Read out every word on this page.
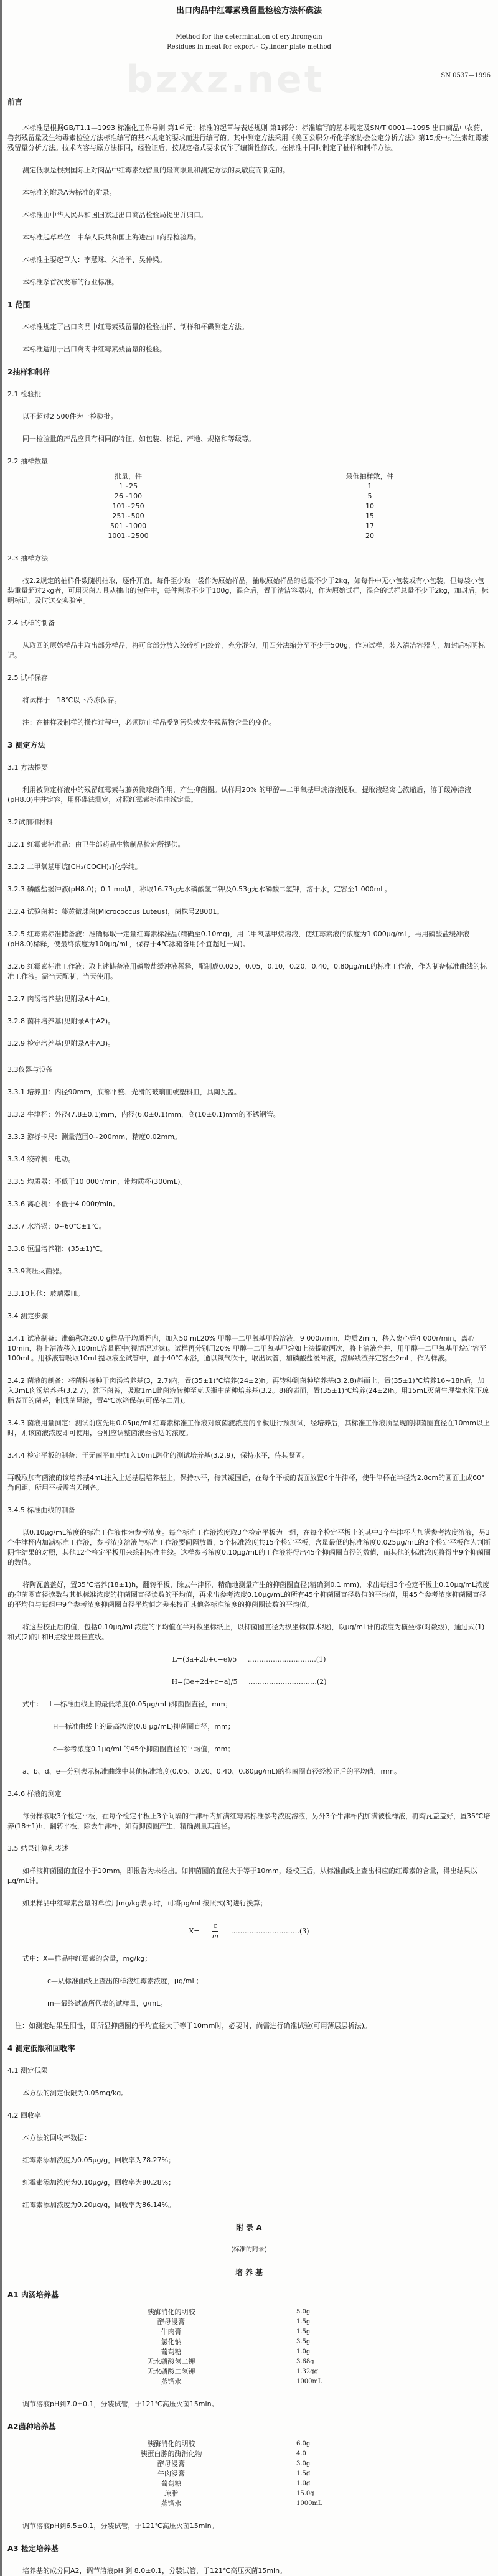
bzxz.net
出口肉品中红霉素残留量检验方法杯碟法
Method for the determination of erythromycin
Residues in meat for export - Cylinder plate method
SN 0537—1996
前言

本标准是根据GB/T1.1—1993 标准化工作导则 第1单元：标准的起草与表述规则 第1部分：标准编写的基本规定及SN/T 0001—1995 出口商品中农药、兽药残留量及生物毒素检验方法标准编写的基本规定的要求而进行编写的。其中测定方法采用《美国公职分析化学家协会公定分析方法》第15版中抗生素红霉素残留量分析方法。技术内容与原方法相同，经验证后，按规定格式要求仅作了编辑性修改。在标准中同时制定了抽样和制样方法。

测定低限是根据国际上对肉品中红霉素残留量的最高限量和测定方法的灵敏度而制定的。

本标准的附录A为标准的附录。

本标准由中华人民共和国国家进出口商品检验局提出并归口。

本标准起草单位：中华人民共和国上海进出口商品检验局。

本标准主要起草人：李慧珠、朱治平、吴仲梁。

本标准系首次发布的行业标准。

1 范围

本标准规定了出口肉品中红霉素残留量的检验抽样、制样和杯碟测定方法。

本标准适用于出口禽肉中红霉素残留量的检验。

2抽样和制样

2.1 检验批

以不超过2 500件为一检验批。

同一检验批的产品应具有相同的特征，如包装、标记、产地、规格和等级等。

2.2 抽样数量

批量，件	最低抽样数，件
1~25	1
26~100	5
101~250	10
251~500	15
501~1000	17
1001~2500	20

2.3 抽样方法

按2.2规定的抽样件数随机抽取，逐件开启。每件至少取一袋作为原始样品，抽取原始样品的总量不少于2kg，如每件中无小包装或有小包装，但每袋小包装重量超过2kg者，可用灭菌刀具从抽出的包件中，每件割取不少于100g，混合后，置于清洁容器内，作为原始试样，混合的试样总量不少于2kg，加封后，标明标记，及时送交实验室。

2.4 试样的制备

从取回的原始样品中取出部分样品，将可食部分放入绞碎机内绞碎，充分混匀，用四分法缩分至不少于500g，作为试样，装入清洁容器内，加封后标明标记。

2.5 试样保存

将试样于－18℃以下冷冻保存。

注：在抽样及制样的操作过程中，必须防止样品受到污染或发生残留物含量的变化。

3 测定方法

3.1 方法提要

利用被测定样液中的残留红霉素与藤黄微球菌作用，产生抑菌圈。试样用20% 的甲醇—二甲氧基甲烷溶液提取。提取液经离心浓缩后，溶于缓冲溶液(pH8.0)中并定容，用杯碟法测定，对照红霉素标准曲线定量。

3.2试剂和材料

3.2.1 红霉素标准品：由卫生部药品生物制品检定所提供。

3.2.2 二甲氧基甲烷[CH₂(COCH)₂]化学纯。

3.2.3 磷酸盐缓冲液(pH8.0)；0.1 mol/L，称取16.73g无水磷酸氢二钾及0.53g无水磷酸二氢钾，溶于水，定容至1 000mL。

3.2.4 试验菌种：藤黄微球菌(Micrococcus Luteus)，菌株号28001。

3.2.5 红霉素标准储备液：准确称取一定量红霉素标准品(精确至0.10mg)，用二甲氧基甲烷溶液，使红霉素液的浓度为1 000μg/mL，再用磷酸盐缓冲液(pH8.0)稀释，使最终浓度为100μg/mL，保存于4℃冰箱备用(不宜超过一周)。

3.2.6 红霉素标准工作液：取上述储备液用磷酸盐缓冲液稀释，配制成0.025，0.05，0.10，0.20，0.40，0.80μg/mL的标准工作液，作为制备标准曲线的标准工作液。需当天配制，当天使用。

3.2.7 肉汤培养基(见附录A中A1)。

3.2.8 菌种培养基(见附录A中A2)。

3.2.9 检定培养基(见附录A中A3)。

3.3仪器与设备

3.3.1 培养皿：内径90mm，底部平整、光滑的玻璃皿或塑料皿，具陶瓦盖。

3.3.2 牛津杯：外径(7.8±0.1)mm，内径(6.0±0.1)mm，高(10±0.1)mm的不锈钢管。

3.3.3 游标卡尺：测量范围0~200mm，精度0.02mm。

3.3.4 绞碎机：电动。

3.3.5 均质器：不低于10 000r/min，带均质杯(300mL)。

3.3.6 离心机：不低于4 000r/min。

3.3.7 水浴锅：0~60℃±1℃。

3.3.8 恒温培养箱：(35±1)℃。

3.3.9高压灭菌器。

3.3.10其他：玻璃器皿。

3.4 测定步骤

3.4.1 试液制备：准确称取20.0 g样品于均质杯内，加入50 mL20% 甲醇—二甲氧基甲烷溶液，9 000r/min，均质2min，移入离心管4 000r/min，离心10min，将上清液移入100mL容量瓶中(视情况过滤)。试样再分别用20% 甲醇—二甲氧基甲烷如上法提取两次，将上清液合并，用甲醇—二甲氧基甲烷定容至100mL。用移液管吸取10mL提取液至试管中，置于40℃水浴，通以氮气吹干，取出试管，加磷酸盐缓冲液，溶解残渣并定容至2mL，作为样液。

3.4.2 菌液的制备：将菌种接种于肉汤培养基(3，2.7)内，置(35±1)℃培养(24±2)h。再转种到菌种培养基(3.2.8)斜面上，置(35±1)℃培养16~18h后，加入3mL肉汤培养基(3.2.7)，洗下菌苔，吸取1mL此菌液转种至克氏瓶中菌种培养基(3.2。8)的表面，置(35±1)℃培养(24±2)h。用15mL灭菌生理盐水洗下琼脂表面的菌苔，制成菌悬液，置4℃冰箱保存(可保存二周)。

3.4.3 菌液用量测定：测试前应先用0.05μg/mL红霉素标准工作液对该菌液浓度的平板进行预测试，经培养后，其标准工作液所呈现的抑菌圈直径在10mm以上时，则该菌液浓度即可使用，否则应调整菌液至合适的浓度。

3.4.4 检定平板的制备：于无菌平皿中加入10mL融化的测试培养基(3.2.9)，保持水平，待其凝固。

再吸取加有菌液的该培养基4mL注入上述基层培养基上，保持水平，待其凝固后，在每个平板的表面放置6个牛津杯，使牛津杯在半径为2.8cm的圆面上成60°角间距，所用平板需当天制备。

3.4.5 标准曲线的制备

以0.10μg/mL浓度的标准工作液作为参考浓度。每个标准工作液浓度取3个检定平板为一组，在每个检定平板上的其中3个牛津杯内加满参考浓度溶液，另3个牛津杯内加满标准工作液，参考浓度溶液与标准工作液要间隔放置，5个标准浓度共15个检定平板，含量最低的标准浓度0.025μg/mL的3个检定平板作为判断阴性结果的对照，其他12个检定平板用来绘制标准曲线。这样参考浓度0.10μg/mL的工作液将得出45个抑菌圈直径的数值，而其他的标准浓度将得出9个抑菌圈的数值。

将陶瓦盖盖好，置35℃培养(18±1)h，翻转平板，除去牛津杯，精确地测量产生的抑菌圈直径(精确到0.1 mm)，求出每组3个检定平板上0.10μg/mL浓度的抑菌圈直径读数与其他标准浓度的抑菌圈直径读数的平均值，再求出参考浓度0.10μg/mL的所有45个抑菌圈直径数值的平均值，用45个参考浓度抑菌圈直径的平均值与每组中9个参考浓度抑菌圈直径平均值之差来校正其他各标准浓度的抑菌圈读数的平均值。

将这些校正后的值，包括0.10μg/mL浓度的平均值在半对数坐标纸上，以抑菌圈直径为纵坐标(算术级)，以μg/mL计的浓度为横坐标(对数级)，通过式(1)和式(2)的L和H点绘出最佳直线。

L=(3a+2b+c−e)/5 …………………………(1)
H=(3e+2d+c−a)/5 …………………………(2)

式中： L—标准曲线上的最低浓度(0.05μg/mL)抑菌圈直径，mm；

H—标准曲线上的最高浓度(0.8 μg/mL)抑菌圈直径，mm；

c—参考浓度0.1μg/mL的45个抑菌圈直径的平均值，mm；

a、b、d、e—分别表示标准曲线中其他标准浓度(0.05、0.20、0.40、0.80μg/mL)的抑菌圈直径经校正后的平均值，mm。

3.4.6 样液的测定

每份样液取3个检定平板，在每个检定平板上3个间隔的牛津杯内加满红霉素标准参考浓度溶液，另外3个牛津杯内加满被检样液，将陶瓦盖盖好，置35℃培养(18±1)h，翻转平板，除去牛津杯，如有抑菌圈产生，精确测量其直径。

3.5 结果计算和表述

如样液抑菌圈的直径小于10mm，即报告为未检出。如抑菌圈的直径大于等于10mm，经校正后，从标准曲线上查出相应的红霉素的含量，得出结果以μg/mL计。

如果样品中红霉素含量的单位用mg/kg表示时，可将μg/mL按照式(3)进行换算；

$X= \frac{c}{m}$ …………………………(3)

式中：X—样品中红霉素的含量，mg/kg；

c—从标准曲线上查出的样液红霉素浓度，μg/mL；

m—最终试液所代表的试样量，g/mL。

注：如测定结果呈阳性，即所显抑菌圈的平均直径大于等于10mm时，必要时，尚需进行确准试验(可用薄层层析法)。

4 测定低限和回收率

4.1 测定低限

本方法的测定低限为0.05mg/kg。

4.2 回收率

本方法的回收率数据：

红霉素添加浓度为0.05μg/g，回收率为78.27%；

红霉素添加浓度为0.10μg/g，回收率为80.28%；

红霉素添加浓度为0.20μg/g，回收率为86.14%。

附 录 A
(标准的附录)
培 养 基
A1 肉汤培养基
胰酶消化的明胶	5.0g
酵母浸膏	1.5g
牛肉膏	1.5g
氯化钠	3.5g
葡萄糖	1.0g
无水磷酸氢二钾	3.68g
无水磷酸二氢钾	1.32gg
蒸馏水	1000mL

调节溶液pH到7.0±0.1，分装试管，于121℃高压灭菌15min。

A2菌种培养基
胰酶消化的明胶	6.0g
胰蛋白胨的酶消化物	4.0
酵母浸膏	3.0g
牛肉浸膏	1.5g
葡萄糖	1.0g
琼脂	15.0g
蒸馏水	1000mL

调节溶液pH到6.5±0.1，分装试管，于121℃高压灭菌15min。

A3 检定培养基

培养基的成分同A2，调节溶液pH 到 8.0±0.1，分装试管，于121℃高压灭菌15min。
